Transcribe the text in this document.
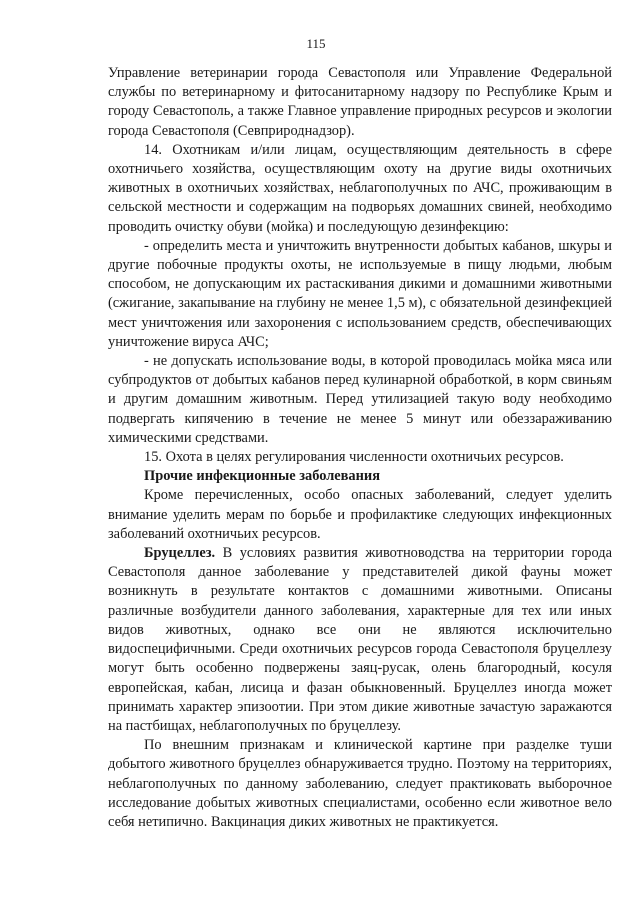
115

Управление ветеринарии города Севастополя или Управление Федеральной службы по ветеринарному и фитосанитарному надзору по Республике Крым и городу Севастополь, а также Главное управление природных ресурсов и экологии города Севастополя (Севприроднадзор).

14. Охотникам и/или лицам, осуществляющим деятельность в сфере охотничьего хозяйства, осуществляющим охоту на другие виды охотничьих животных в охотничьих хозяйствах, неблагополучных по АЧС, проживающим в сельской местности и содержащим на подворьях домашних свиней, необходимо проводить очистку обуви (мойка) и последующую дезинфекцию:

- определить места и уничтожить внутренности добытых кабанов, шкуры и другие побочные продукты охоты, не используемые в пищу людьми, любым способом, не допускающим их растаскивания дикими и домашними животными (сжигание, закапывание на глубину не менее 1,5 м), с обязательной дезинфекцией мест уничтожения или захоронения с использованием средств, обеспечивающих уничтожение вируса АЧС;

- не допускать использование воды, в которой проводилась мойка мяса или субпродуктов от добытых кабанов перед кулинарной обработкой, в корм свиньям и другим домашним животным. Перед утилизацией такую воду необходимо подвергать кипячению в течение не менее 5 минут или обеззараживанию химическими средствами.

15. Охота в целях регулирования численности охотничьих ресурсов.

Прочие инфекционные заболевания

Кроме перечисленных, особо опасных заболеваний, следует уделить внимание уделить мерам по борьбе и профилактике следующих инфекционных заболеваний охотничьих ресурсов.

Бруцеллез. В условиях развития животноводства на территории города Севастополя данное заболевание у представителей дикой фауны может возникнуть в результате контактов с домашними животными. Описаны различные возбудители данного заболевания, характерные для тех или иных видов животных, однако все они не являются исключительно видоспецифичными. Среди охотничьих ресурсов города Севастополя бруцеллезу могут быть особенно подвержены заяц-русак, олень благородный, косуля европейская, кабан, лисица и фазан обыкновенный. Бруцеллез иногда может принимать характер эпизоотии. При этом дикие животные зачастую заражаются на пастбищах, неблагополучных по бруцеллезу.

По внешним признакам и клинической картине при разделке туши добытого животного бруцеллез обнаруживается трудно. Поэтому на территориях, неблагополучных по данному заболеванию, следует практиковать выборочное исследование добытых животных специалистами, особенно если животное вело себя нетипично. Вакцинация диких животных не практикуется.
